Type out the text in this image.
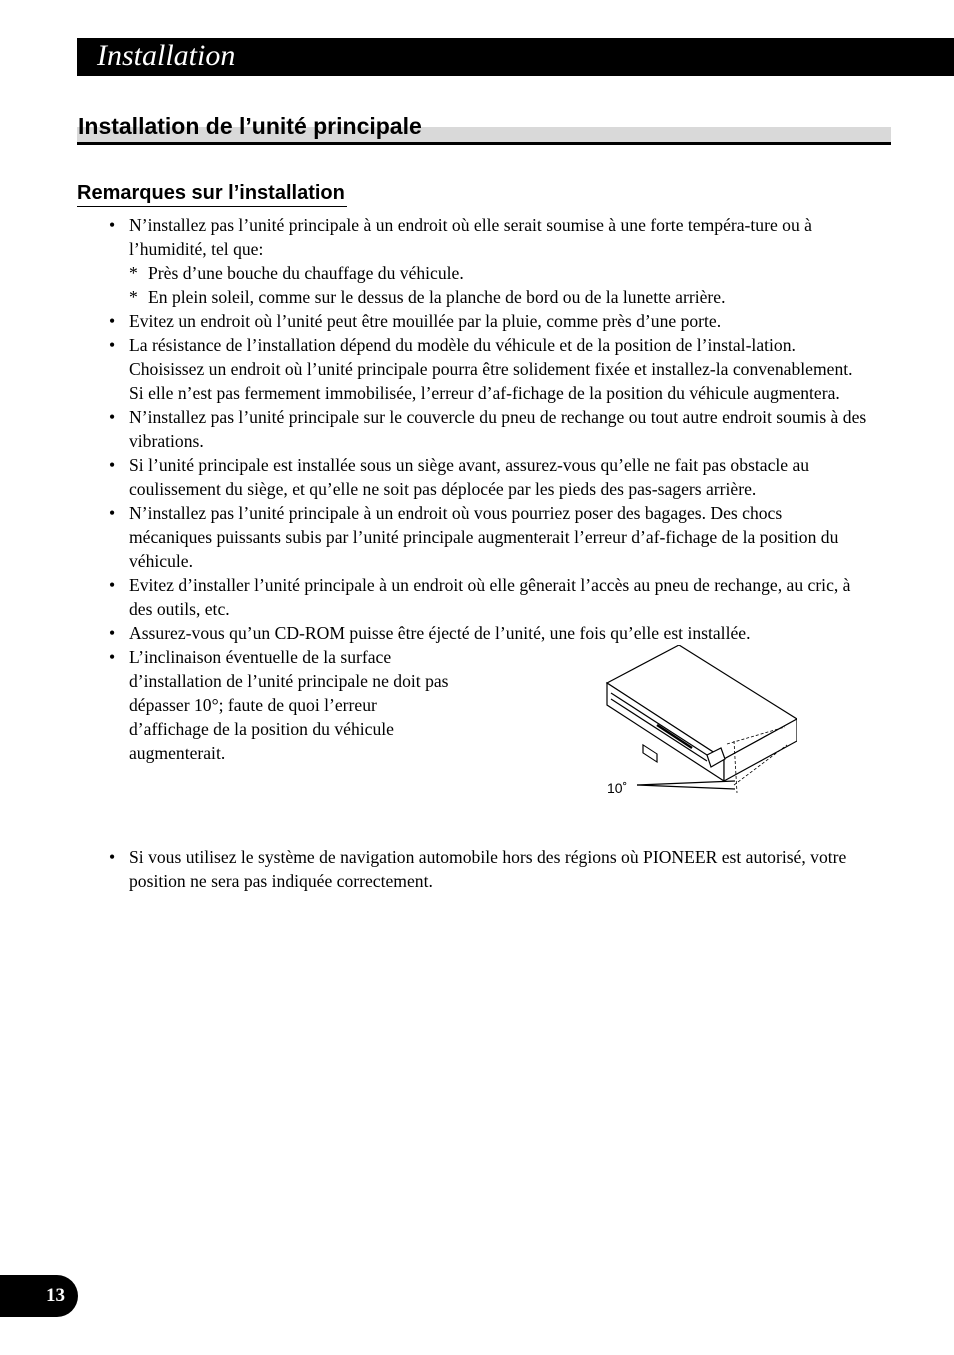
Installation
Installation de l’unité principale
Remarques sur l’installation
• N’installez pas l’unité principale à un endroit où elle serait soumise à une forte tempéra-ture ou à l’humidité, tel que:
* Près d’une bouche du chauffage du véhicule.
* En plein soleil, comme sur le dessus de la planche de bord ou de la lunette arrière.
• Evitez un endroit où l’unité peut être mouillée par la pluie, comme près d’une porte.
• La résistance de l’installation dépend du modèle du véhicule et de la position de l’instal-lation. Choisissez un endroit où l’unité principale pourra être solidement fixée et installez-la convenablement. Si elle n’est pas fermement immobilisée, l’erreur d’af-fichage de la position du véhicule augmentera.
• N’installez pas l’unité principale sur le couvercle du pneu de rechange ou tout autre endroit soumis à des vibrations.
• Si l’unité principale est installée sous un siège avant, assurez-vous qu’elle ne fait pas obstacle au coulissement du siège, et qu’elle ne soit pas déplocée par les pieds des pas-sagers arrière.
• N’installez pas l’unité principale à un endroit où vous pourriez poser des bagages. Des chocs mécaniques puissants subis par l’unité principale augmenterait l’erreur d’af-fichage de la position du véhicule.
• Evitez d’installer l’unité principale à un endroit où elle gênerait l’accès au pneu de rechange, au cric, à des outils, etc.
• Assurez-vous qu’un CD-ROM puisse être éjecté de l’unité, une fois qu’elle est installée.
• L’inclinaison éventuelle de la surface d’installation de l’unité principale ne doit pas dépasser 10°; faute de quoi l’erreur d’affichage de la position du véhicule augmenterait.
10˚
• Si vous utilisez le système de navigation automobile hors des régions où PIONEER est autorisé, votre position ne sera pas indiquée correctement.
13
